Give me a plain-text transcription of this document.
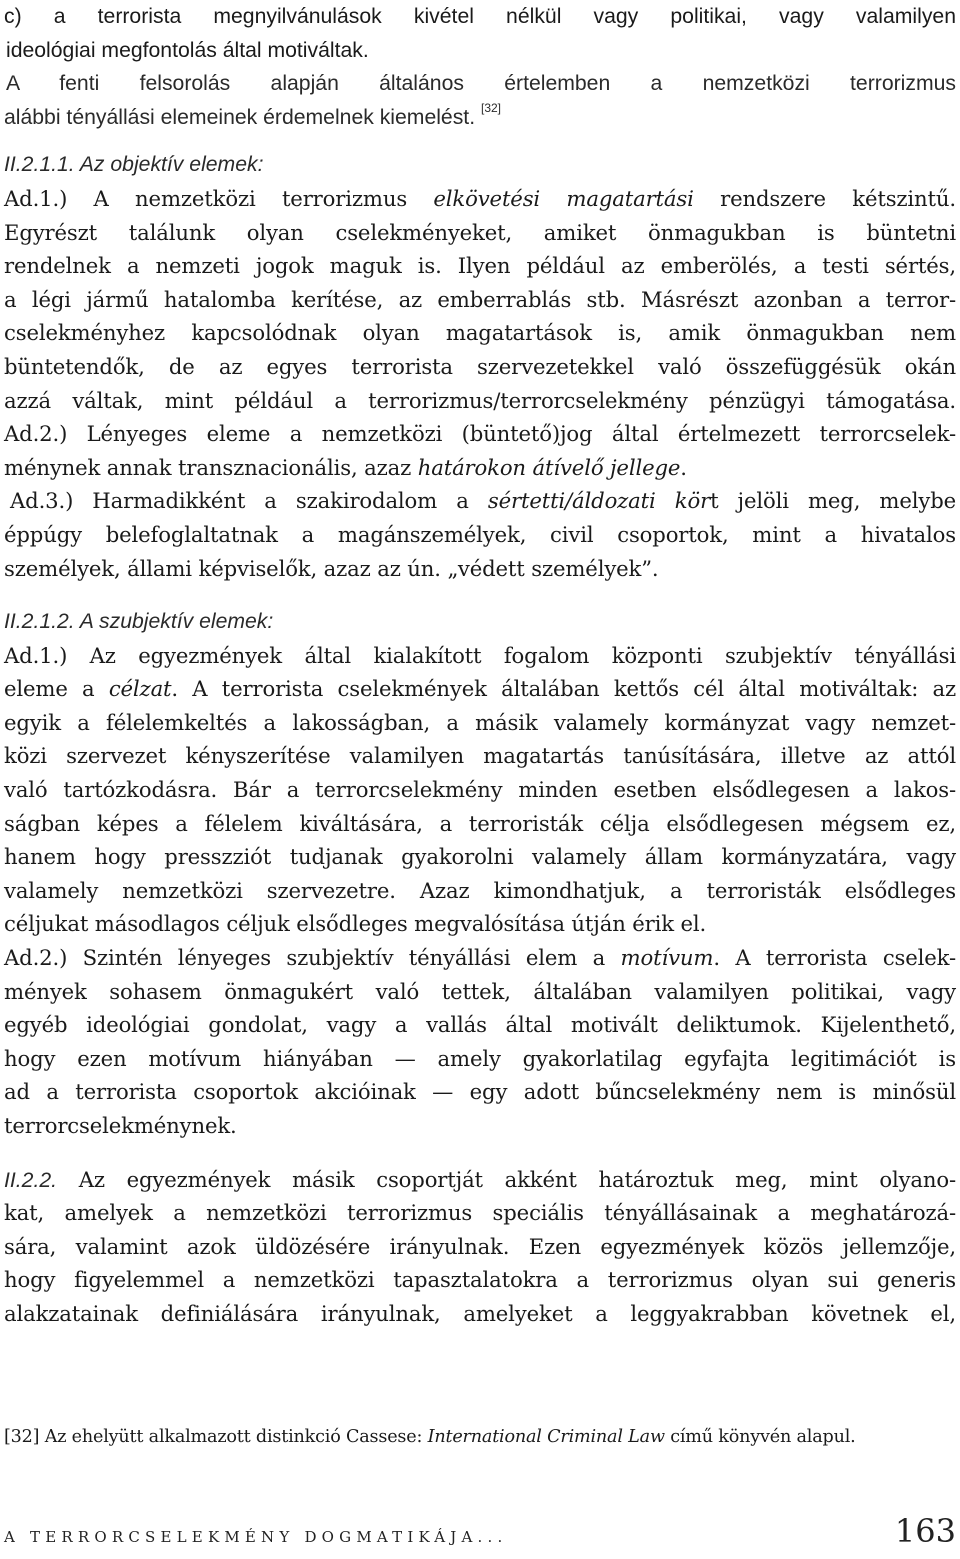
c) a terrorista megnyilvánulások kivétel nélkül vagy politikai, vagy valamilyen
ideológiai megfontolás által motiváltak.
A fenti felsorolás alapján általános értelemben a nemzetközi terrorizmus
alábbi tényállási elemeinek érdemelnek kiemelést. [32]
II.2.1.1. Az objektív elemek:
Ad.1.) A nemzetközi terrorizmus elkövetési magatartási rendszere kétszintű.
Egyrészt találunk olyan cselekményeket, amiket önmagukban is büntetni
rendelnek a nemzeti jogok maguk is. Ilyen például az emberölés, a testi sértés,
a légi jármű hatalomba kerítése, az emberrablás stb. Másrészt azonban a terror-
cselekményhez kapcsolódnak olyan magatartások is, amik önmagukban nem
büntetendők, de az egyes terrorista szervezetekkel való összefüggésük okán
azzá váltak, mint például a terrorizmus/terrorcselekmény pénzügyi támogatása.
Ad.2.) Lényeges eleme a nemzetközi (büntető)jog által értelmezett terrorcselek-
ménynek annak transznacionális, azaz határokon átívelő jellege.
Ad.3.) Harmadikként a szakirodalom a sértetti/áldozati kört jelöli meg, melybe
éppúgy belefoglaltatnak a magánszemélyek, civil csoportok, mint a hivatalos
személyek, állami képviselők, azaz az ún. „védett személyek”.
II.2.1.2. A szubjektív elemek:
Ad.1.) Az egyezmények által kialakított fogalom központi szubjektív tényállási
eleme a célzat. A terrorista cselekmények általában kettős cél által motiváltak: az
egyik a félelemkeltés a lakosságban, a másik valamely kormányzat vagy nemzet-
közi szervezet kényszerítése valamilyen magatartás tanúsítására, illetve az attól
való tartózkodásra. Bár a terrorcselekmény minden esetben elsődlegesen a lakos-
ságban képes a félelem kiváltására, a terroristák célja elsődlegesen mégsem ez,
hanem hogy presszziót tudjanak gyakorolni valamely állam kormányzatára, vagy
valamely nemzetközi szervezetre. Azaz kimondhatjuk, a terroristák elsődleges
céljukat másodlagos céljuk elsődleges megvalósítása útján érik el.
Ad.2.) Szintén lényeges szubjektív tényállási elem a motívum. A terrorista cselek-
mények sohasem önmagukért való tettek, általában valamilyen politikai, vagy
egyéb ideológiai gondolat, vagy a vallás által motivált deliktumok. Kijelenthető,
hogy ezen motívum hiányában — amely gyakorlatilag egyfajta legitimációt is
ad a terrorista csoportok akcióinak — egy adott bűncselekmény nem is minősül
terrorcselekménynek.
II.2.2. Az egyezmények másik csoportját akként határoztuk meg, mint olyano-
kat, amelyek a nemzetközi terrorizmus speciális tényállásainak a meghatározá-
sára, valamint azok üldözésére irányulnak. Ezen egyezmények közös jellemzője,
hogy figyelemmel a nemzetközi tapasztalatokra a terrorizmus olyan sui generis
alakzatainak definiálására irányulnak, amelyeket a leggyakrabban követnek el,
[32] Az ehelyütt alkalmazott distinkció Cassese: International Criminal Law című könyvén alapul.
A TERRORCSELEKMÉNY DOGMATIKÁJA...	163
